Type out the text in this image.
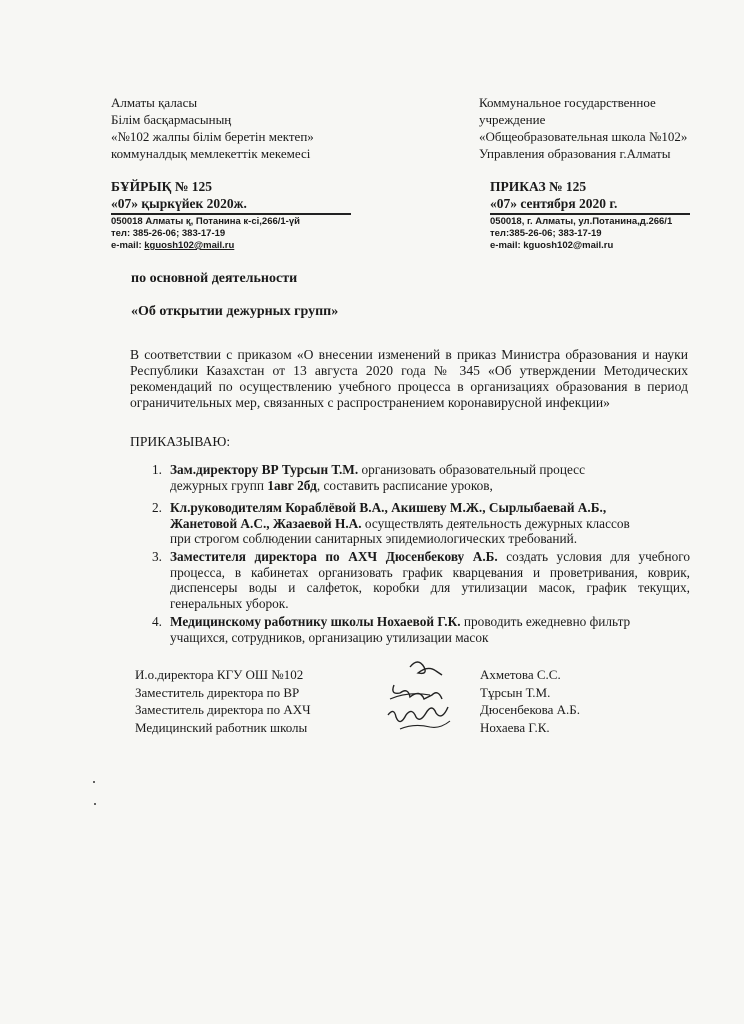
Алматы қаласы
Білім басқармасының
«№102 жалпы білім беретін мектеп»
коммуналдық мемлекеттік мекемесі
Коммунальное государственное
учреждение
«Общеобразовательная школа №102»
Управления образования г.Алматы
БҰЙРЫҚ № 125
«07» қыркүйек 2020ж.
ПРИКАЗ № 125
«07» сентября 2020 г.
050018 Алматы қ, Потанина к-сі,266/1-үй
тел: 385-26-06; 383-17-19
e-mail: kguosh102@mail.ru
050018, г. Алматы, ул.Потанина,д.266/1
тел:385-26-06; 383-17-19
e-mail: kguosh102@mail.ru
по основной деятельности
«Об открытии дежурных групп»
В соответствии с приказом «О внесении изменений в приказ Министра образования и науки Республики Казахстан от 13 августа 2020 года № 345 «Об утверждении Методических рекомендаций по осуществлению учебного процесса в организациях образования в период ограничительных мер, связанных с распространением коронавирусной инфекции»
ПРИКАЗЫВАЮ:
1. Зам.директору ВР Турсын Т.М. организовать образовательный процесс
дежурных групп 1авг 2бд, составить расписание уроков,
2. Кл.руководителям Кораблёвой В.А., Акишеву М.Ж., Сырлыбаевай А.Б.,
Жанетовой А.С., Жазаевой Н.А. осуществлять деятельность дежурных классов
при строгом соблюдении санитарных эпидемиологических требований.
3. Заместителя директора по АХЧ Дюсенбекову А.Б. создать условия для учебного процесса, в кабинетах организовать график кварцевания и проветривания, коврик, диспенсеры воды и салфеток, коробки для утилизации масок, график текущих, генеральных уборок.
4. Медицинскому работнику школы Нохаевой Г.К. проводить ежедневно фильтр
учащихся, сотрудников, организацию утилизации масок
И.о.директора КГУ ОШ №102
Заместитель директора по ВР
Заместитель директора по АХЧ
Медицинский работник школы
Ахметова С.С.
Тұрсын Т.М.
Дюсенбекова А.Б.
Нохаева Г.К.
